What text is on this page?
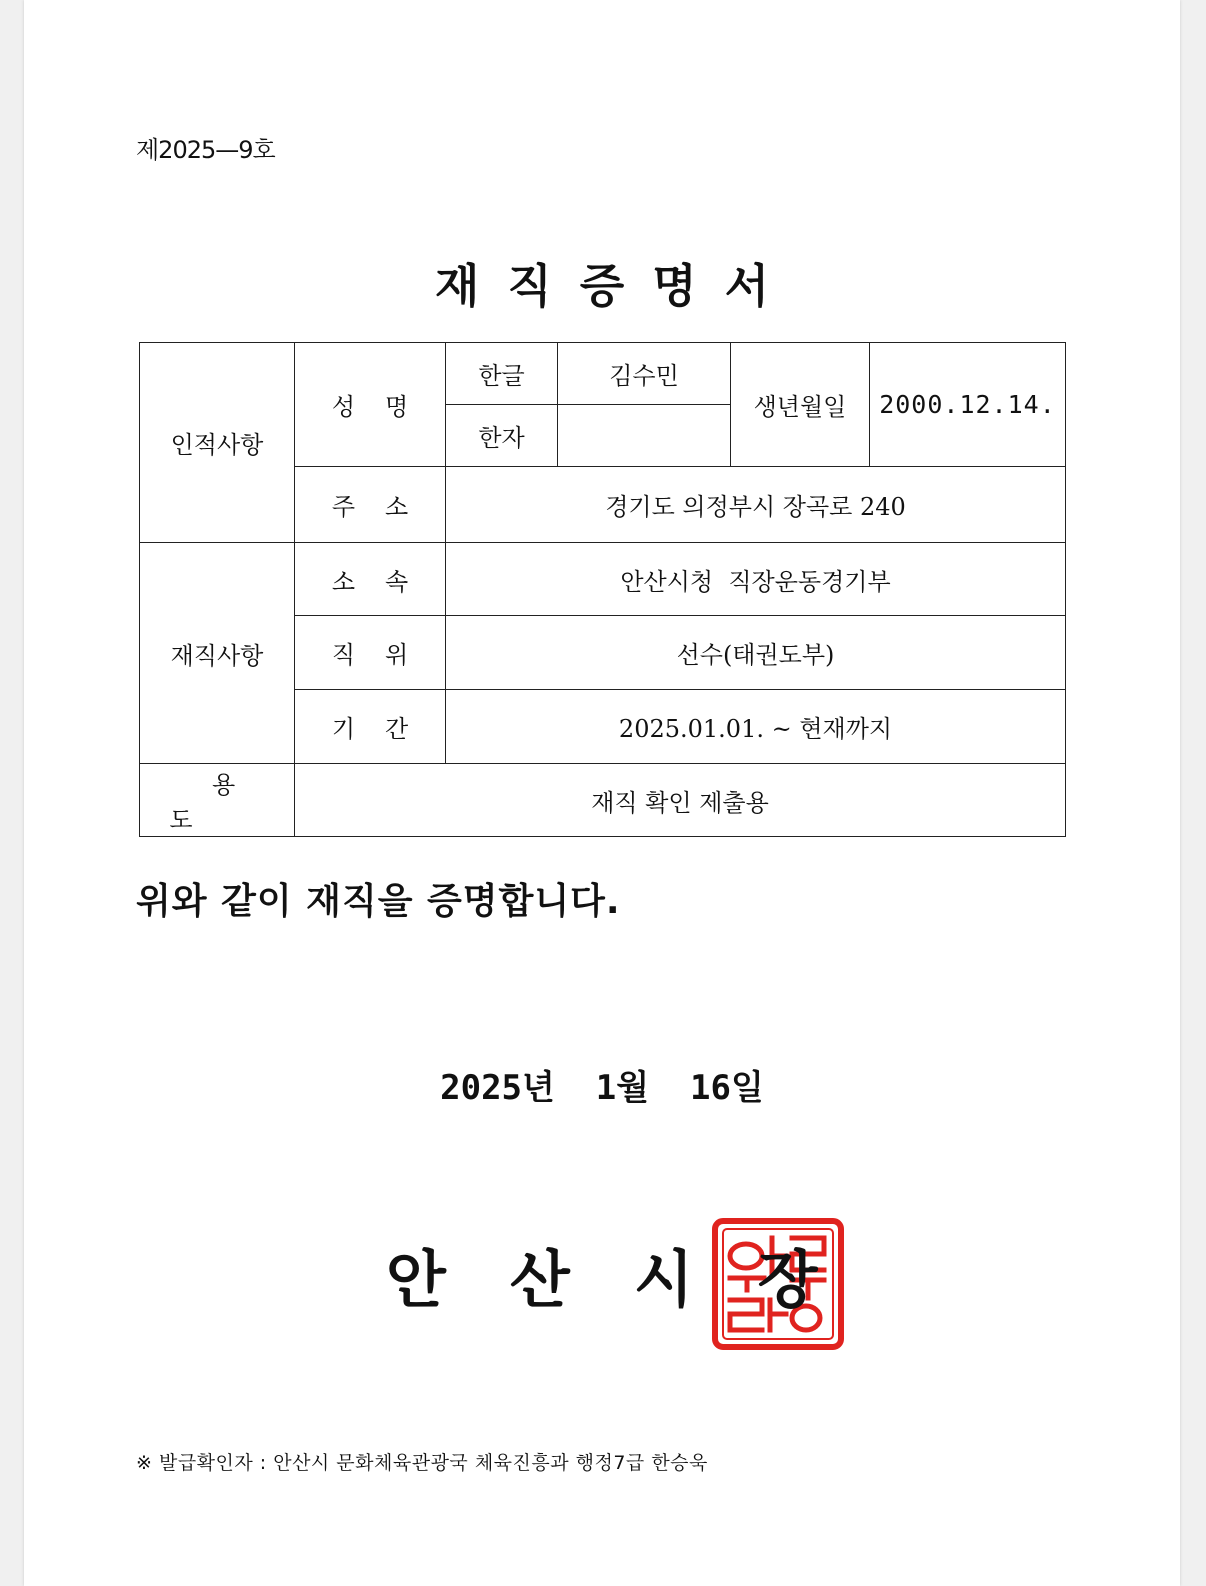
제2025—9호
재직증명서
인적사항	성명	한글	김수민	생년월일	2000.12.14.
		한자			
	주소	경기도 의정부시 장곡로 240			
재직사항	소속	안산시청  직장운동경기부			
	직위	선수(태권도부)			
	기간	2025.01.01. ~ 현재까지			
용도	재직 확인 제출용				
위와 같이 재직을 증명합니다.
2025년  1월  16일
안산시장
※ 발급확인자 : 안산시 문화체육관광국 체육진흥과 행정7급 한승욱
